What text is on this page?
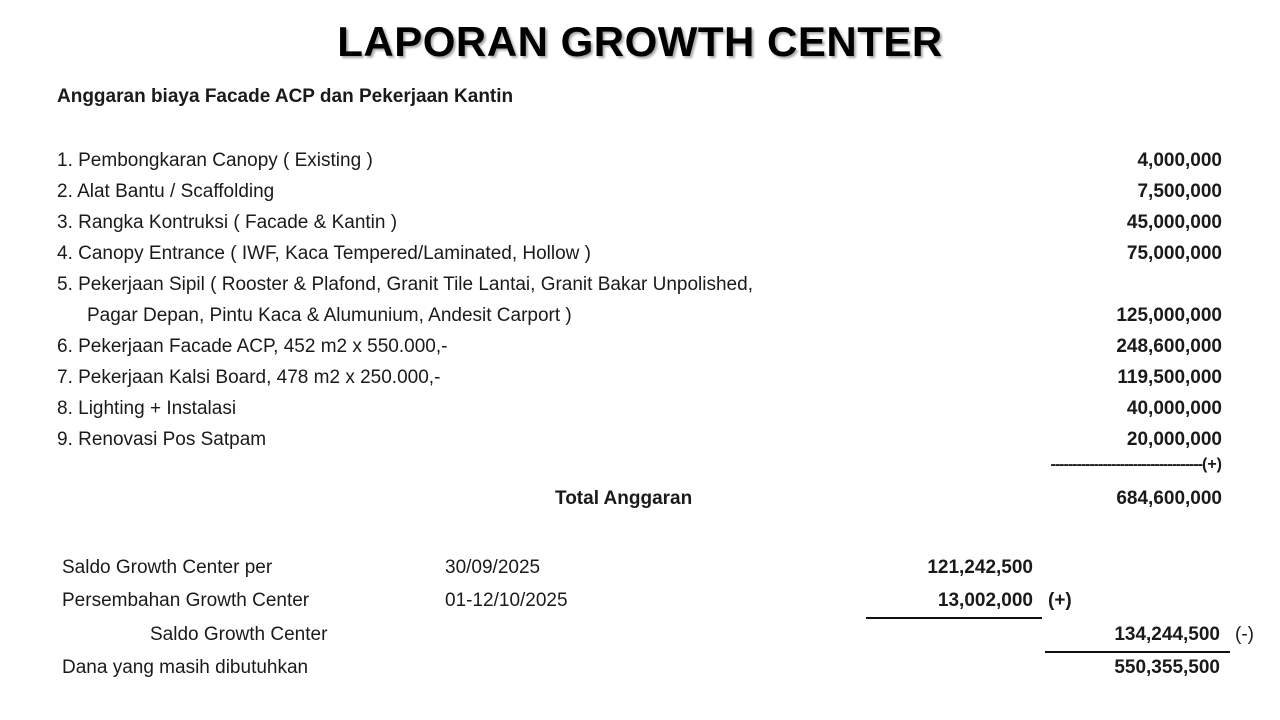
LAPORAN GROWTH CENTER
Anggaran biaya Facade ACP dan Pekerjaan Kantin
1. Pembongkaran Canopy ( Existing )	4,000,000
2. Alat Bantu / Scaffolding	7,500,000
3. Rangka Kontruksi ( Facade & Kantin )	45,000,000
4. Canopy Entrance ( IWF, Kaca Tempered/Laminated, Hollow )	75,000,000
5. Pekerjaan Sipil ( Rooster & Plafond, Granit Tile Lantai, Granit Bakar Unpolished,
Pagar Depan, Pintu Kaca & Alumunium, Andesit Carport )	125,000,000
6. Pekerjaan Facade ACP, 452 m2 x 550.000,-	248,600,000
7. Pekerjaan Kalsi Board, 478 m2 x 250.000,-	119,500,000
8. Lighting + Instalasi	40,000,000
9. Renovasi Pos Satpam	20,000,000
-----------------------------------(+)
Total Anggaran	684,600,000
Saldo Growth Center per	30/09/2025	121,242,500
Persembahan Growth Center	01-12/10/2025	13,002,000 (+)
Saldo Growth Center	134,244,500 (-)
Dana yang masih dibutuhkan	550,355,500
